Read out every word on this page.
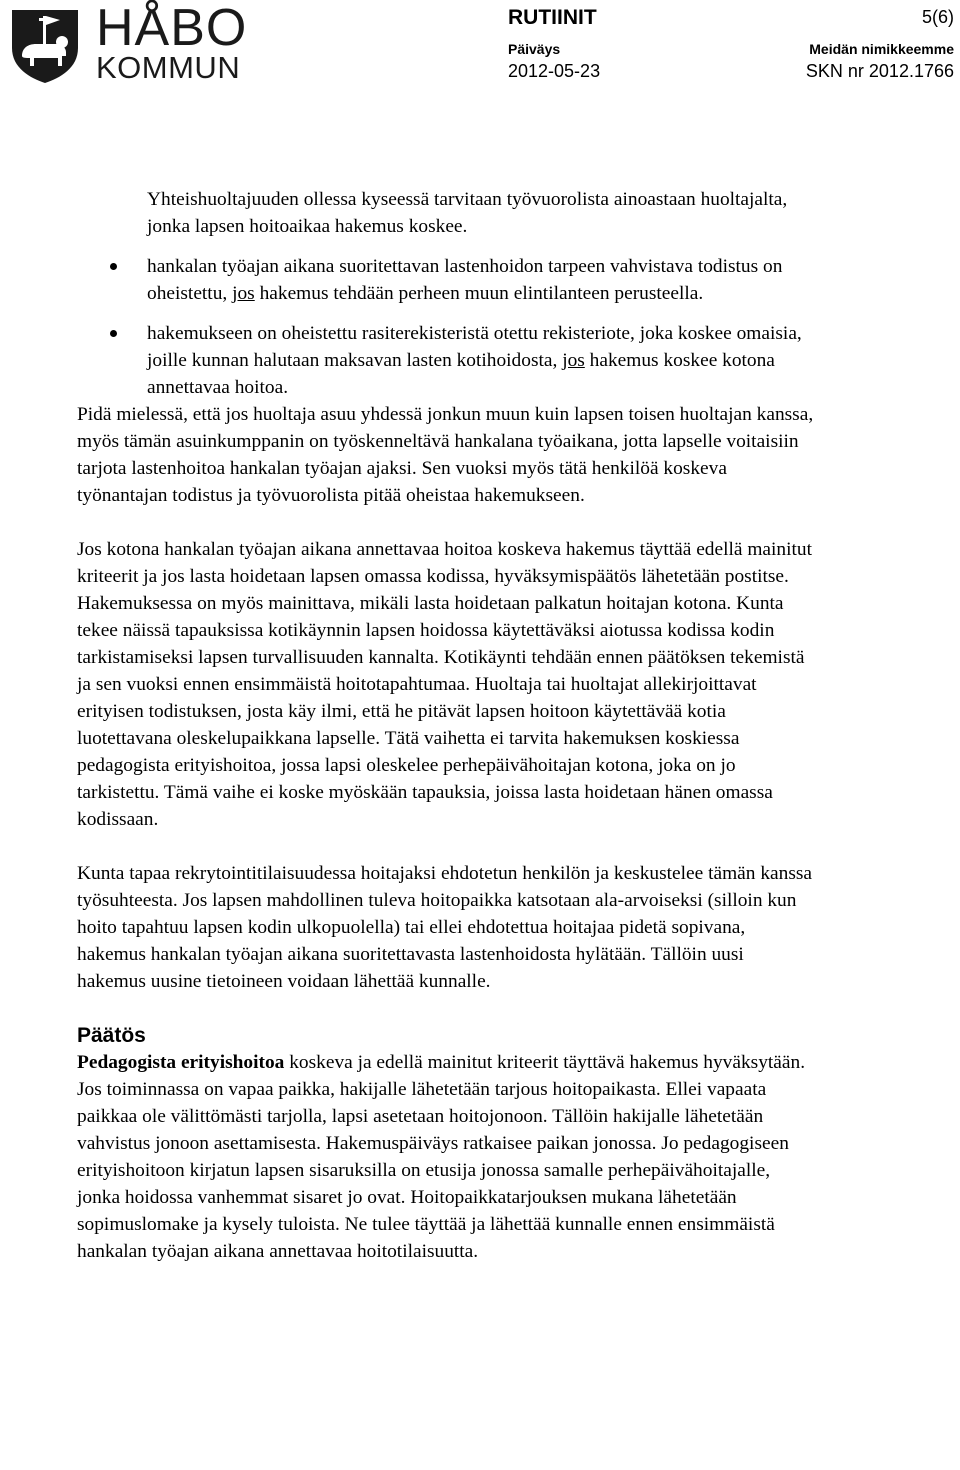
HÅBO
KOMMUN
RUTIINIT	5(6)
Päiväys
2012-05-23
Meidän nimikkeemme
SKN nr 2012.1766

Yhteishuoltajuuden ollessa kyseessä tarvitaan työvuorolista ainoastaan huoltajalta, jonka lapsen hoitoaikaa hakemus koskee.

hankalan työajan aikana suoritettavan lastenhoidon tarpeen vahvistava todistus on oheistettu, jos hakemus tehdään perheen muun elintilanteen perusteella.
hakemukseen on oheistettu rasiterekisteristä otettu rekisteriote, joka koskee omaisia, joille kunnan halutaan maksavan lasten kotihoidosta, jos hakemus koskee kotona annettavaa hoitoa.

Pidä mielessä, että jos huoltaja asuu yhdessä jonkun muun kuin lapsen toisen huoltajan kanssa, myös tämän asuinkumppanin on työskenneltävä hankalana työaikana, jotta lapselle voitaisiin tarjota lastenhoitoa hankalan työajan ajaksi. Sen vuoksi myös tätä henkilöä koskeva työnantajan todistus ja työvuorolista pitää oheistaa hakemukseen.

Jos kotona hankalan työajan aikana annettavaa hoitoa koskeva hakemus täyttää edellä mainitut kriteerit ja jos lasta hoidetaan lapsen omassa kodissa, hyväksymispäätös lähetetään postitse. Hakemuksessa on myös mainittava, mikäli lasta hoidetaan palkatun hoitajan kotona. Kunta tekee näissä tapauksissa kotikäynnin lapsen hoidossa käytettäväksi aiotussa kodissa kodin tarkistamiseksi lapsen turvallisuuden kannalta. Kotikäynti tehdään ennen päätöksen tekemistä ja sen vuoksi ennen ensimmäistä hoitotapahtumaa. Huoltaja tai huoltajat allekirjoittavat erityisen todistuksen, josta käy ilmi, että he pitävät lapsen hoitoon käytettävää kotia luotettavana oleskelupaikkana lapselle. Tätä vaihetta ei tarvita hakemuksen koskiessa pedagogista erityishoitoa, jossa lapsi oleskelee perhepäivähoitajan kotona, joka on jo tarkistettu. Tämä vaihe ei koske myöskään tapauksia, joissa lasta hoidetaan hänen omassa kodissaan.

Kunta tapaa rekrytointitilaisuudessa hoitajaksi ehdotetun henkilön ja keskustelee tämän kanssa työsuhteesta. Jos lapsen mahdollinen tuleva hoitopaikka katsotaan ala-arvoiseksi (silloin kun hoito tapahtuu lapsen kodin ulkopuolella) tai ellei ehdotettua hoitajaa pidetä sopivana, hakemus hankalan työajan aikana suoritettavasta lastenhoidosta hylätään. Tällöin uusi hakemus uusine tietoineen voidaan lähettää kunnalle.

Päätös

Pedagogista erityishoitoa koskeva ja edellä mainitut kriteerit täyttävä hakemus hyväksytään. Jos toiminnassa on vapaa paikka, hakijalle lähetetään tarjous hoitopaikasta. Ellei vapaata paikkaa ole välittömästi tarjolla, lapsi asetetaan hoitojonoon. Tällöin hakijalle lähetetään vahvistus jonoon asettamisesta. Hakemuspäiväys ratkaisee paikan jonossa. Jo pedagogiseen erityishoitoon kirjatun lapsen sisaruksilla on etusija jonossa samalle perhepäivähoitajalle, jonka hoidossa vanhemmat sisaret jo ovat. Hoitopaikkatarjouksen mukana lähetetään sopimuslomake ja kysely tuloista. Ne tulee täyttää ja lähettää kunnalle ennen ensimmäistä hankalan työajan aikana annettavaa hoitotilaisuutta.
